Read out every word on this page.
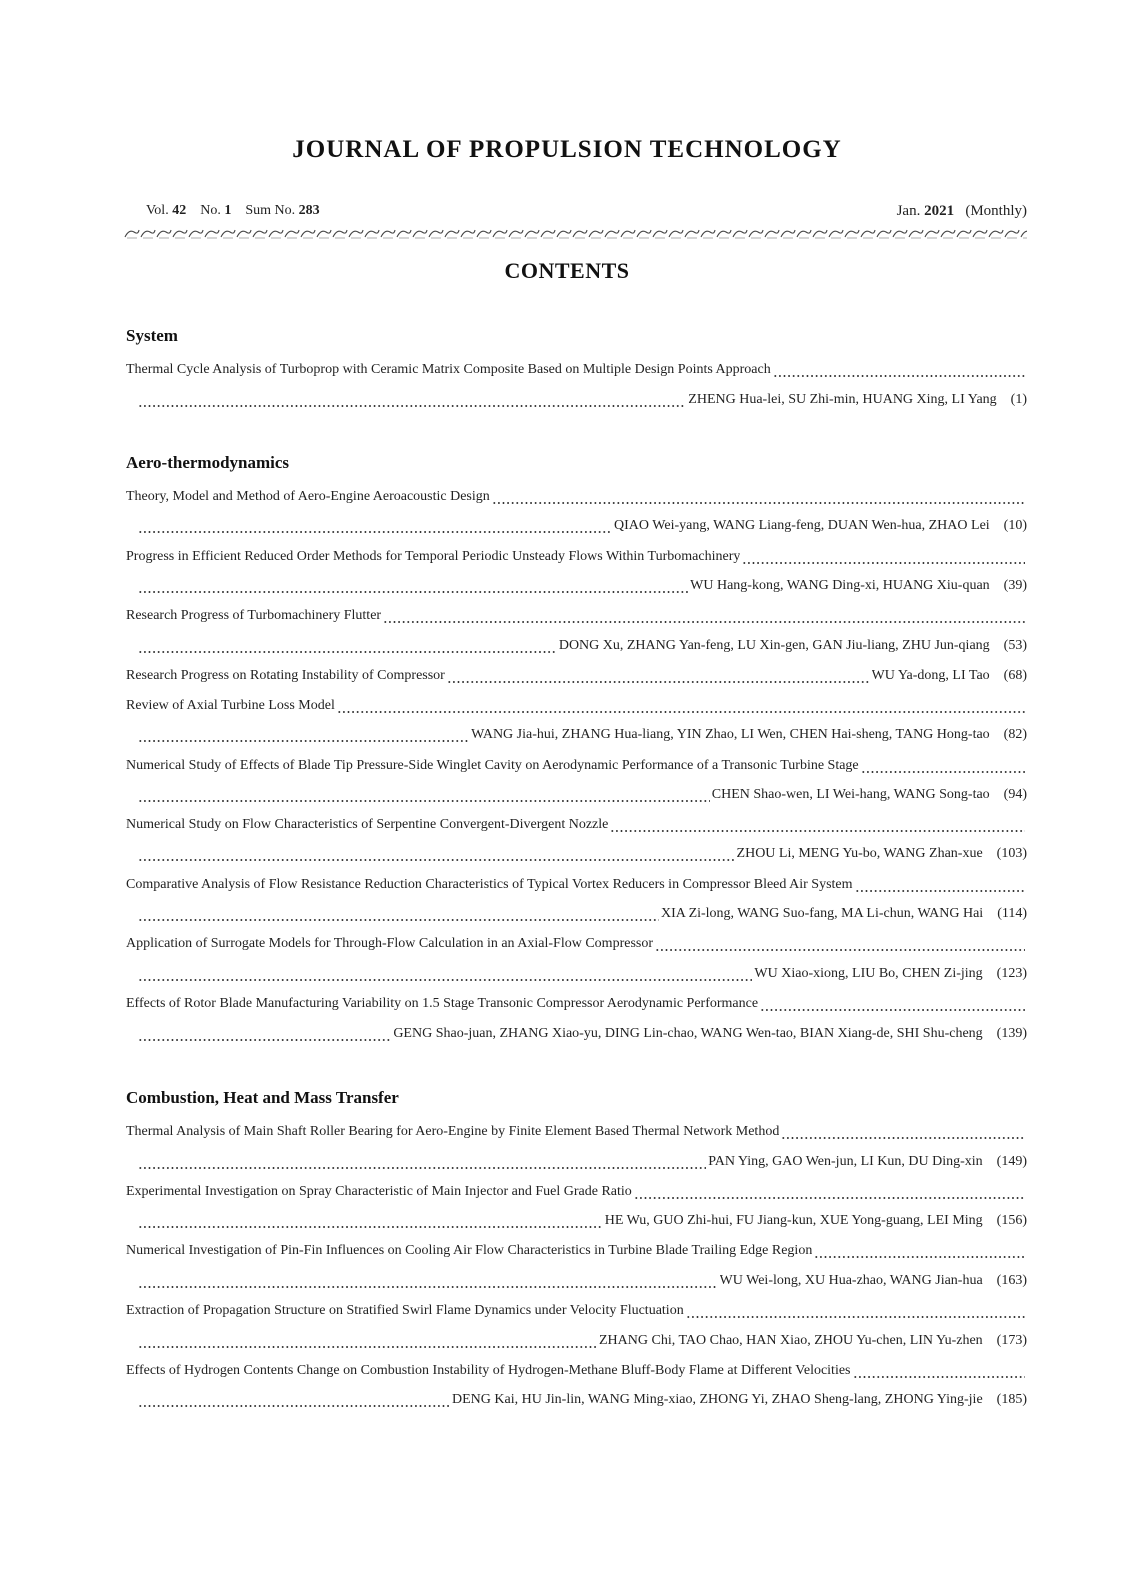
JOURNAL OF PROPULSION TECHNOLOGY
Vol. 42 No. 1 Sum No. 283	Jan. 2021 (Monthly)
CONTENTS
System
Thermal Cycle Analysis of Turboprop with Ceramic Matrix Composite Based on Multiple Design Points Approach
ZHENG Hua-lei, SU Zhi-min, HUANG Xing, LI Yang (1)
Aero-thermodynamics
Theory, Model and Method of Aero-Engine Aeroacoustic Design
QIAO Wei-yang, WANG Liang-feng, DUAN Wen-hua, ZHAO Lei (10)
Progress in Efficient Reduced Order Methods for Temporal Periodic Unsteady Flows Within Turbomachinery
WU Hang-kong, WANG Ding-xi, HUANG Xiu-quan (39)
Research Progress of Turbomachinery Flutter
DONG Xu, ZHANG Yan-feng, LU Xin-gen, GAN Jiu-liang, ZHU Jun-qiang (53)
Research Progress on Rotating Instability of Compressor	WU Ya-dong, LI Tao (68)
Review of Axial Turbine Loss Model
WANG Jia-hui, ZHANG Hua-liang, YIN Zhao, LI Wen, CHEN Hai-sheng, TANG Hong-tao (82)
Numerical Study of Effects of Blade Tip Pressure-Side Winglet Cavity on Aerodynamic Performance of a Transonic Turbine Stage
CHEN Shao-wen, LI Wei-hang, WANG Song-tao (94)
Numerical Study on Flow Characteristics of Serpentine Convergent-Divergent Nozzle
ZHOU Li, MENG Yu-bo, WANG Zhan-xue (103)
Comparative Analysis of Flow Resistance Reduction Characteristics of Typical Vortex Reducers in Compressor Bleed Air System
XIA Zi-long, WANG Suo-fang, MA Li-chun, WANG Hai (114)
Application of Surrogate Models for Through-Flow Calculation in an Axial-Flow Compressor
WU Xiao-xiong, LIU Bo, CHEN Zi-jing (123)
Effects of Rotor Blade Manufacturing Variability on 1.5 Stage Transonic Compressor Aerodynamic Performance
GENG Shao-juan, ZHANG Xiao-yu, DING Lin-chao, WANG Wen-tao, BIAN Xiang-de, SHI Shu-cheng (139)
Combustion, Heat and Mass Transfer
Thermal Analysis of Main Shaft Roller Bearing for Aero-Engine by Finite Element Based Thermal Network Method
PAN Ying, GAO Wen-jun, LI Kun, DU Ding-xin (149)
Experimental Investigation on Spray Characteristic of Main Injector and Fuel Grade Ratio
HE Wu, GUO Zhi-hui, FU Jiang-kun, XUE Yong-guang, LEI Ming (156)
Numerical Investigation of Pin-Fin Influences on Cooling Air Flow Characteristics in Turbine Blade Trailing Edge Region
WU Wei-long, XU Hua-zhao, WANG Jian-hua (163)
Extraction of Propagation Structure on Stratified Swirl Flame Dynamics under Velocity Fluctuation
ZHANG Chi, TAO Chao, HAN Xiao, ZHOU Yu-chen, LIN Yu-zhen (173)
Effects of Hydrogen Contents Change on Combustion Instability of Hydrogen-Methane Bluff-Body Flame at Different Velocities
DENG Kai, HU Jin-lin, WANG Ming-xiao, ZHONG Yi, ZHAO Sheng-lang, ZHONG Ying-jie (185)
